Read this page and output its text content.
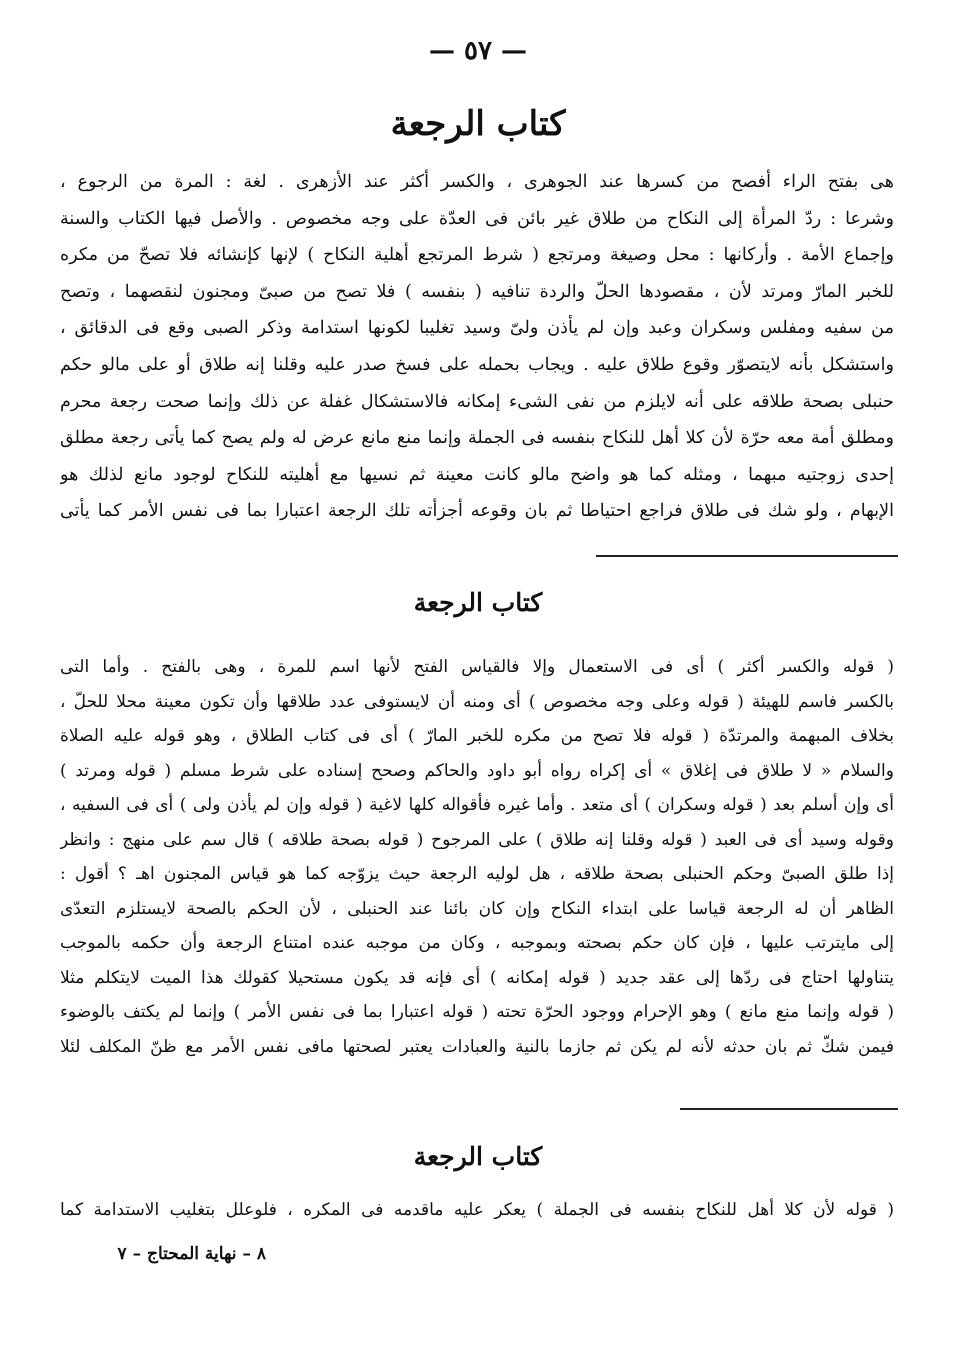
— ٥٧ —
كتاب الرجعة
هى بفتح الراء أفصح من كسرها عند الجوهرى ، والكسر أكثر عند الأزهرى . لغة : المرة من الرجوع ،
وشرعا : ردّ المرأة إلى النكاح من طلاق غير بائن فى العدّة على وجه مخصوص . والأصل فيها الكتاب والسنة
وإجماع الأمة . وأركانها : محل وصيغة ومرتجع ( شرط المرتجع أهلية النكاح ) لإنها كإنشائه فلا تصحّ من مكره
للخبر المارّ ومرتد لأن ، مقصودها الحلّ والردة تنافيه ( بنفسه ) فلا تصح من صبىّ ومجنون لنقصهما ، وتصح
من سفيه ومفلس وسكران وعبد وإن لم يأذن ولىّ وسيد تغليبا لكونها استدامة وذكر الصبى وقع فى الدقائق ،
واستشكل بأنه لايتصوّر وقوع طلاق عليه . ويجاب بحمله على فسخ صدر عليه وقلنا إنه طلاق أو على مالو حكم
حنبلى بصحة طلاقه على أنه لايلزم من نفى الشىء إمكانه فالاستشكال غفلة عن ذلك وإنما صحت رجعة محرم
ومطلق أمة معه حرّة لأن كلا أهل للنكاح بنفسه فى الجملة وإنما منع مانع عرض له ولم يصح كما يأتى رجعة مطلق
إحدى زوجتيه مبهما ، ومثله كما هو واضح مالو كانت معينة ثم نسيها مع أهليته للنكاح لوجود مانع لذلك هو
الإبهام ، ولو شك فى طلاق فراجع احتياطا ثم بان وقوعه أجزأته تلك الرجعة اعتبارا بما فى نفس الأمر كما يأتى
كتاب الرجعة
( قوله والكسر أكثر ) أى فى الاستعمال وإلا فالقياس الفتح لأنها اسم للمرة ، وهى بالفتح . وأما التى
بالكسر فاسم للهيئة ( قوله وعلى وجه مخصوص ) أى ومنه أن لايستوفى عدد طلاقها وأن تكون معينة محلا للحلّ ،
بخلاف المبهمة والمرتدّة ( قوله فلا تصح من مكره للخبر المارّ ) أى فى كتاب الطلاق ، وهو قوله عليه الصلاة
والسلام « لا طلاق فى إغلاق » أى إكراه رواه أبو داود والحاكم وصحح إسناده على شرط مسلم ( قوله ومرتد )
أى وإن أسلم بعد ( قوله وسكران ) أى متعد . وأما غيره فأقواله كلها لاغية ( قوله وإن لم يأذن ولى ) أى فى السفيه ،
وقوله وسيد أى فى العبد ( قوله وقلنا إنه طلاق ) على المرجوح ( قوله بصحة طلاقه ) قال سم على منهج : وانظر
إذا طلق الصبىّ وحكم الحنبلى بصحة طلاقه ، هل لوليه الرجعة حيث يزوّجه كما هو قياس المجنون اهـ ؟ أقول :
الظاهر أن له الرجعة قياسا على ابتداء النكاح وإن كان بائنا عند الحنبلى ، لأن الحكم بالصحة لايستلزم التعدّى
إلى مايترتب عليها ، فإن كان حكم بصحته وبموجبه ، وكان من موجبه عنده امتناع الرجعة وأن حكمه بالموجب
يتناولها احتاج فى ردّها إلى عقد جديد ( قوله إمكانه ) أى فإنه قد يكون مستحيلا كقولك هذا الميت لايتكلم مثلا
( قوله وإنما منع مانع ) وهو الإحرام ووجود الحرّة تحته ( قوله اعتبارا بما فى نفس الأمر ) وإنما لم يكتف بالوضوء
فيمن شكّ ثم بان حدثه لأنه لم يكن ثم جازما بالنية والعبادات يعتبر لصحتها مافى نفس الأمر مع ظنّ المكلف لئلا
كتاب الرجعة
( قوله لأن كلا أهل للنكاح بنفسه فى الجملة ) يعكر عليه ماقدمه فى المكره ، فلوعلل بتغليب الاستدامة كما
٨ – نهاية المحتاج – ٧
